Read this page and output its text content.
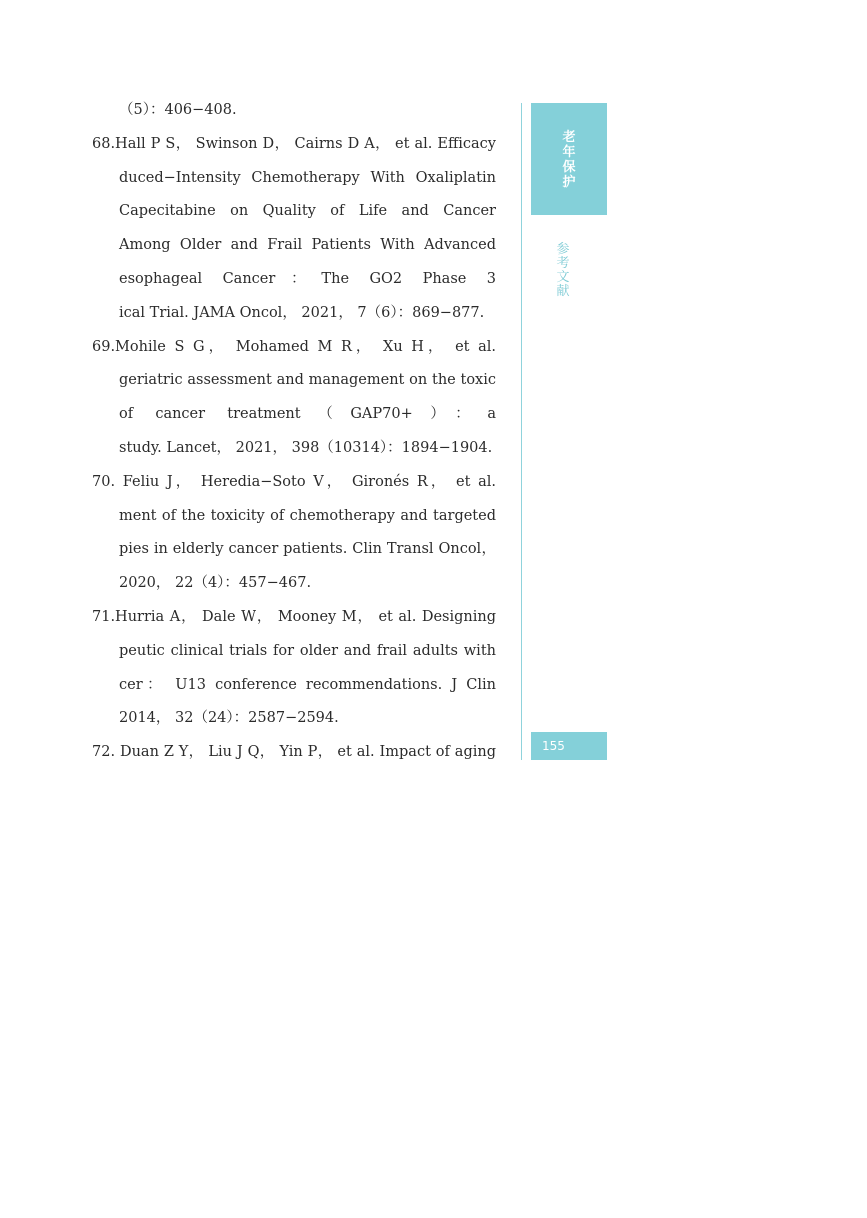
（5）：406−408.
68.Hall P S， Swinson D， Cairns D A， et al. Efficacy
duced−Intensity Chemotherapy With Oxaliplatin
Capecitabine on Quality of Life and Cancer
Among Older and Frail Patients With Advanced
esophageal Cancer：The GO2 Phase 3
ical Trial. JAMA Oncol， 2021， 7（6）：869−877.
69.Mohile S G， Mohamed M R， Xu H， et al.
geriatric assessment and management on the toxic
of cancer treatment（GAP70+）：a
study. Lancet， 2021， 398（10314）：1894−1904.
70. Feliu J， Heredia−Soto V， Gironés R， et al.
ment of the toxicity of chemotherapy and targeted
pies in elderly cancer patients. Clin Transl Oncol，
2020， 22（4）：457−467.
71.Hurria A， Dale W， Mooney M， et al. Designing
peutic clinical trials for older and frail adults with
cer： U13 conference recommendations. J Clin
2014， 32（24）：2587−2594.
72. Duan Z Y， Liu J Q， Yin P， et al. Impact of aging
老
年
保
护
参
考
文
献
155
